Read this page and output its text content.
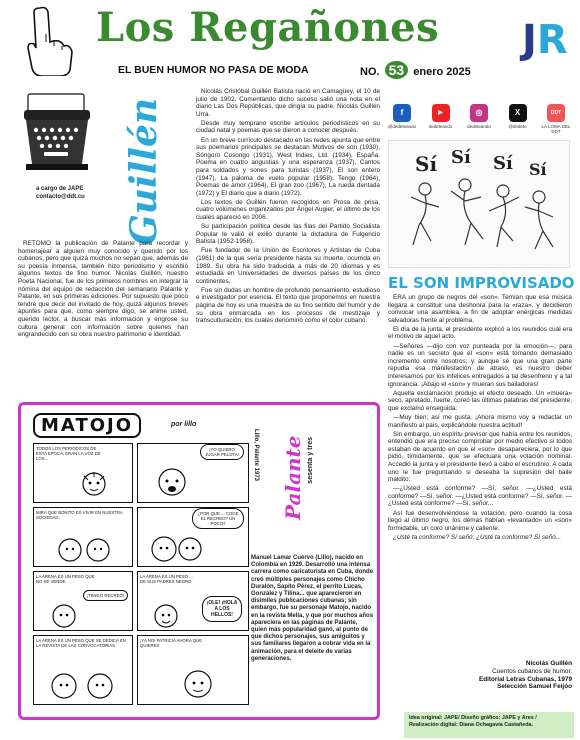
Los Regañones JR
EL BUEN HUMOR NO PASA DE MODA	NO. 53 enero 2025
a cargo de JAPE
contacto@ddt.cu	Guillén

RETOMO la publicación de Palante para recordar y homenajear a alguien muy conocido y querido por los cubanos, pero que quizá muchos no sepan que, además de su poesía inmensa, también hizo periodismo y escribió algunos textos de fino humor. Nicolás Guillén, nuestro Poeta Nacional, fue de los primeros nombres en integrar la nómina del equipo de redacción del semanario Palante y Palante, en sus primeras ediciones. Por supuesto que poco tendré que decir del invitado de hoy, quizá algunos breves apuntes para que, como siempre digo, se anime usted, querido lector, a buscar más información y engrose su cultura general con información sobre quienes han engrandecido con su obra nuestro patrimonio e identidad.

Nicolás Cristóbal Guillén Batista nació en Camagüey, el 10 de julio de 1902. Comentando dicho suceso salió una nota en el diario Las Dos Repúblicas, que dirigía su padre, Nicolás Guillén Urra.

Desde muy temprano escribe artículos periodísticos en su ciudad natal y poemas que se dieron a conocer después.

En un breve currículo destacado en las redes apunta que entre sus poemarios principales se destacan Motivos de son (1930), Sóngoro Cosongo (1931), West Indies, Ltd. (1934), España. Poema en cuatro angustias y una esperanza (1937), Cantos para soldados y sones para turistas (1937), El son entero (1947), La paloma de vuelo popular (1958), Tengo (1964), Poemas de amor (1964), El gran zoo (1967), La rueda dentada (1972) y El diario que a diario (1972).

Los textos de Guillén fueron recogidos en Prosa de prisa, cuatro volúmenes organizados por Ángel Augier, el último de los cuales apareció en 2006.

Su participación política desde las filas del Partido Socialista Popular le valió el exilio durante la dictadura de Fulgencio Batista (1952-1958).

Fue fundador de la Unión de Escritores y Artistas de Cuba (1961) de la que sería presidente hasta su muerte, ocurrida en 1989. Su obra ha sido traducida a más de 20 idiomas y es estudiada en Universidades de diversos países de los cinco continentes.

Fue sin dudas un hombre de profundo pensamiento, estudioso e investigador por esencia. El texto que proponemos en nuestra página de hoy es una muestra de su fino sentido del humor y de su obra enmarcada en los procesos de mestizaje y transculturación, los cuales denominó como el color cubano.

f
@dedeteando
▶
dedeteando
◎
dedeteando
X
@dedete
DDT
LA LOMA DEL DDT
Sí Sí Sí Sí
EL SON IMPROVISADO

ERA un grupo de negros del «son». Temían que esa música llegara a constituir una deshonra para la «raza», y decidieron convocar una asamblea, a fin de adoptar enérgicas medidas salvadoras frente al problema.

El día de la junta, el presidente explicó a los reunidos cuál era el motivo de aquel acto.

—Señores —dijo con voz punteada por la emoción—, para nadie es un secreto que el «son» está tomando demasiado incremento entre nosotros; y aunque sé que una gran parte repudia esa manifestación de atraso, es nuestro deber interesarnos por los infelices entregados a tal desenfreno y a tal ignorancia. ¡Abajo el «son» y mueran sus bailadores!

Aquella exclamación produjo el efecto deseado. Un «muera» seco, apretado, fuerte, coreó las últimas palabras del presidente, que exclamó enseguida:

—Muy bien; así me gusta. ¡Ahora mismo voy a redactar un manifiesto al país, explicándole nuestra actitud!

Sin embargo, un espíritu previsor que había entre los reunidos, entendió que era preciso comprobar por medio efectivo si todos estaban de acuerdo en que el «son» desapareciera, por lo que pidió, tímidamente, que se efectuara una votación nominal. Accedió la junta y el presidente llevó a cabo el escrutinio. A cada uno le fue preguntando si deseaba la supresión del baile maldito:

—¿Usted está conforme? —Sí, señor. —¿Usted está conforme? —Sí, señor. —¿Usted está conforme? —Sí, señor. —¿Usted está conforme? —Sí, señor...

Así fue desenvolviéndose la votación, pero cuando la cosa llegó al último negro, los demás habían «levantado» un «son» formidable, un coro unánime y caliente:

¿Usté ta conforme? Sí señó; ¿Usté ta conforme? Sí señó...

Nicolás Guillén
Cuentos cubanos de humor.
Editorial Letras Cubanas, 1979
Selección Samuel Feijóo
MATOJO	por lillo
TODOS LOS PERIODICOS DE ESTA EPOCA, ERAN LA VOZ DE LOS...
¡YO QUIERO JUGAR PELOTA!
MIRA QUE BONITO ES VIVIR EN NUESTRA SOCIEDAD.
¿POR QUE ... COGE EL RECREO? UN POCO?
LA ARENA ES UN PESO QUE NO SE VENDE
¡TENGO RECREO!
LA ARENA ES UN PESO ... DE SUS PADRES NEGRO
¡OLE! ¡HOLA A LOS HELLOS!
LA ARENA ES UN PESO QUE SE DEDICA EN LA REVISTA DE LAS CONVOCATORIAS
¡YA NO! PATRICIA AHORA QUE QUIERES
Lillo, Palante 1973 Palante sesenta y tres
Manuel Lamar Cuervo (Lillo), nacido en Colombia en 1929. Desarrolló una intensa carrera como caricaturista en Cuba, donde creó múltiples personajes como Chicho Duralón, Sapito Pérez, el perrito Lucas, González y Tilina... que aparecieron en disímiles publicaciones cubanas; sin embargo, fue su personaje Matojo, nacido en la revista Mella, y que por muchos años apareciera en las páginas de Palante, quien más popularidad ganó, al punto de que dichos personajes, sus amiguitos y sus familiares llegaron a cobrar vida en la animación, para el deleite de varias generaciones.
Idea original: JAPE/ Diseño gráfico: JAPE y Ares /
Realización digital: Diana Ochagavía Castañeda.
